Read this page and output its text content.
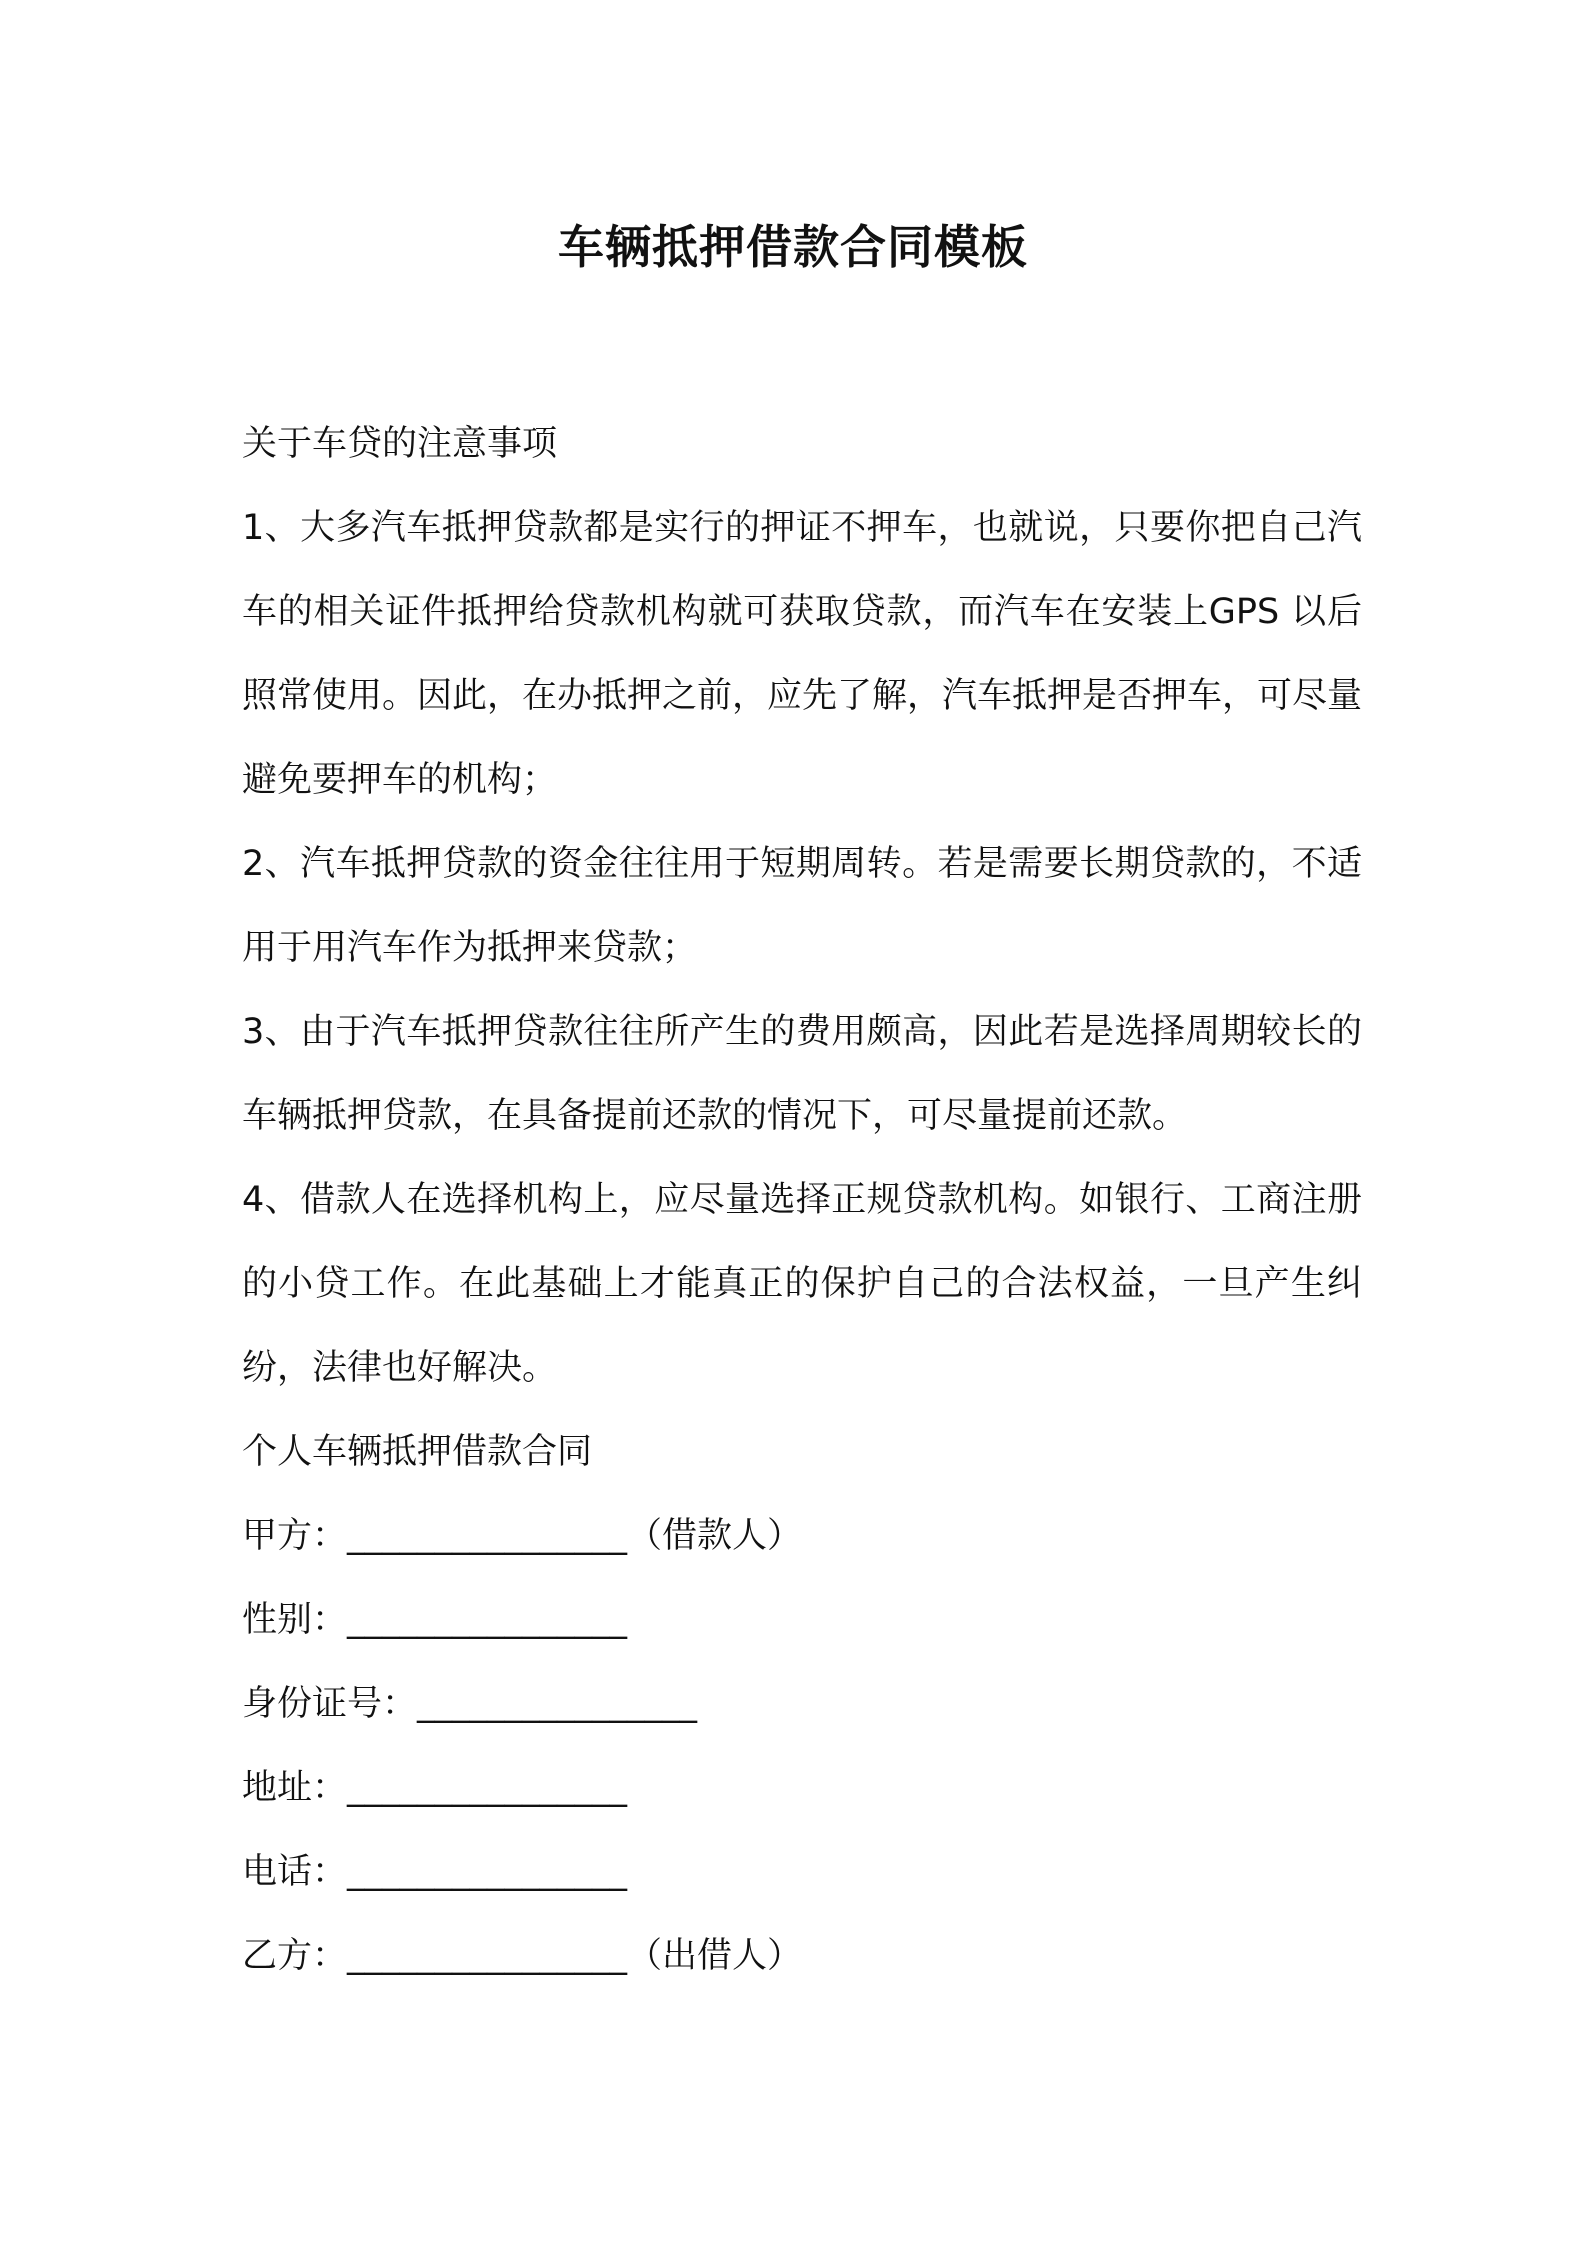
车辆抵押借款合同模板

关于车贷的注意事项

1、大多汽车抵押贷款都是实行的押证不押车，也就说，只要你把自己汽车的相关证件抵押给贷款机构就可获取贷款，而汽车在安装上GPS 以后照常使用。因此，在办抵押之前，应先了解，汽车抵押是否押车，可尽量避免要押车的机构；

2、汽车抵押贷款的资金往往用于短期周转。若是需要长期贷款的，不适用于用汽车作为抵押来贷款；

3、由于汽车抵押贷款往往所产生的费用颇高，因此若是选择周期较长的车辆抵押贷款，在具备提前还款的情况下，可尽量提前还款。

4、借款人在选择机构上，应尽量选择正规贷款机构。如银行、工商注册的小贷工作。在此基础上才能真正的保护自己的合法权益，一旦产生纠纷，法律也好解决。

个人车辆抵押借款合同

甲方：________________（借款人）

性别：________________

身份证号：________________

地址：________________

电话：________________

乙方：________________（出借人）
